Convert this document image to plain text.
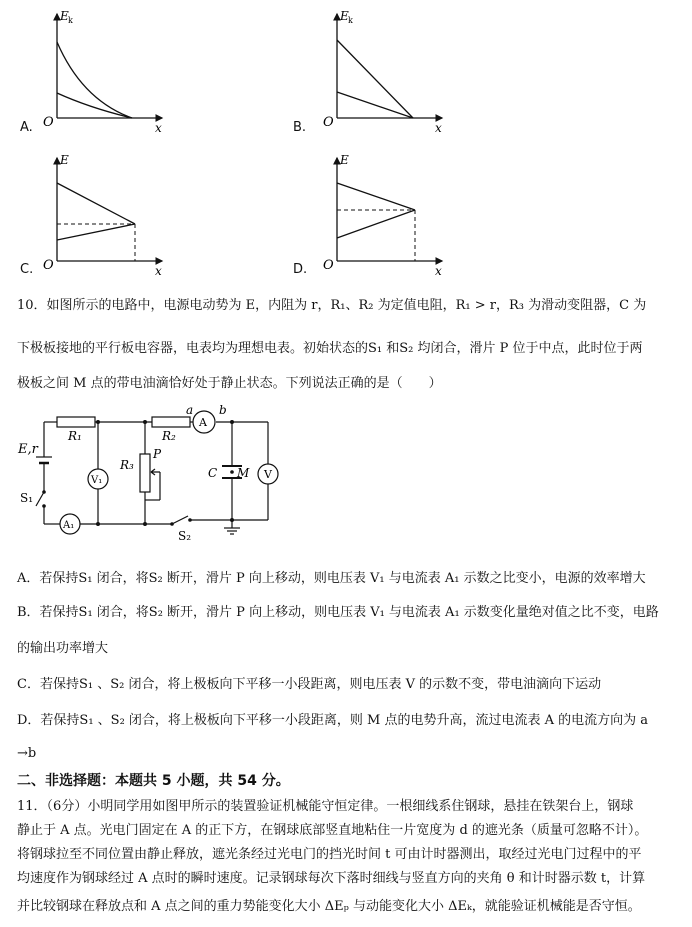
E k
O	x
A.
E k
O	x
B.
E
O	x
C.
E
O	x
D.
10．如图所示的电路中，电源电动势为 E，内阻为 r，R₁、R₂ 为定值电阻，R₁ > r，R₃ 为滑动变阻器，C 为
下极板接地的平行板电容器，电表均为理想电表。初始状态的S₁ 和S₂ 均闭合，滑片 P 位于中点，此时位于两
极板之间 M 点的带电油滴恰好处于静止状态。下列说法正确的是（　　）
E,r
R₁	R₂
a b
A
R₃
P
V₁
A₁
C M V
S₁
S₂
A．若保持S₁ 闭合，将S₂ 断开，滑片 P 向上移动，则电压表 V₁ 与电流表 A₁ 示数之比变小，电源的效率增大
B．若保持S₁ 闭合，将S₂ 断开，滑片 P 向上移动，则电压表 V₁ 与电流表 A₁ 示数变化量绝对值之比不变，电路
的输出功率增大
C．若保持S₁ 、S₂ 闭合，将上极板向下平移一小段距离，则电压表 V 的示数不变，带电油滴向下运动
D．若保持S₁ 、S₂ 闭合，将上极板向下平移一小段距离，则 M 点的电势升高，流过电流表 A 的电流方向为 a
→b
二、非选择题：本题共 5 小题，共 54 分。
11．（6分）小明同学用如图甲所示的装置验证机械能守恒定律。一根细线系住钢球，悬挂在铁架台上，钢球
静止于 A 点。光电门固定在 A 的正下方，在钢球底部竖直地粘住一片宽度为 d 的遮光条（质量可忽略不计）。
将钢球拉至不同位置由静止释放，遮光条经过光电门的挡光时间 t 可由计时器测出，取经过光电门过程中的平
均速度作为钢球经过 A 点时的瞬时速度。记录钢球每次下落时细线与竖直方向的夹角 θ 和计时器示数 t，计算
并比较钢球在释放点和 A 点之间的重力势能变化大小 ΔEₚ 与动能变化大小 ΔEₖ，就能验证机械能是否守恒。
